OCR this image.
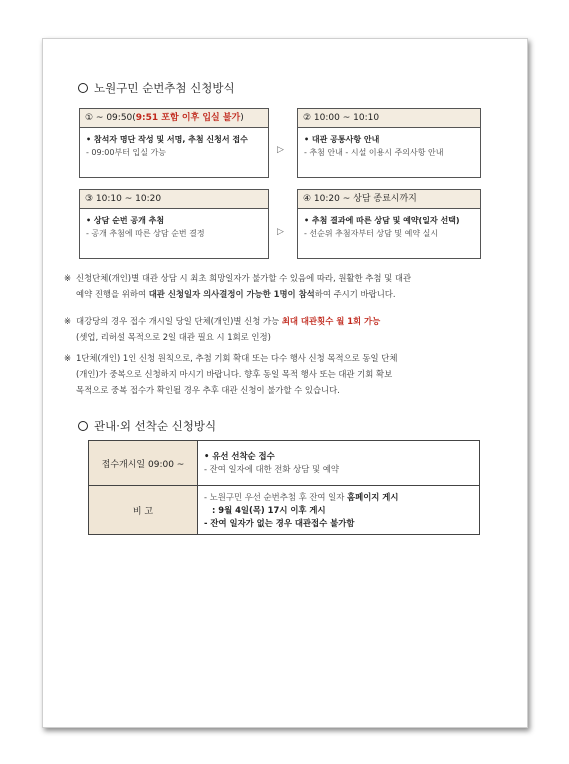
노원구민 순번추첨 신청방식
① ~ 09:50(9:51 포함 이후 입실 불가)
• 참석자 명단 작성 및 서명, 추첨 신청서 접수
- 09:00부터 입실 가능	▷
② 10:00 ~ 10:10
• 대관 공통사항 안내
- 추첨 안내 - 시설 이용시 주의사항 안내
③ 10:10 ~ 10:20
• 상담 순번 공개 추첨
- 공개 추첨에 따른 상담 순번 결정	▷
④ 10:20 ~ 상담 종료시까지
• 추첨 결과에 따른 상담 및 예약(일자 선택)
- 선순위 추첨자부터 상담 및 예약 실시
※ 신청단체(개인)별 대관 상담 시 최초 희망일자가 불가할 수 있음에 따라, 원활한 추첨 및 대관
예약 진행을 위하여 대관 신청일자 의사결정이 가능한 1명이 참석하여 주시기 바랍니다.
※ 대강당의 경우 접수 개시일 당일 단체(개인)별 신청 가능 최대 대관횟수 월 1회 가능
(셋업, 리허설 목적으로 2일 대관 필요 시 1회로 인정)
※ 1단체(개인) 1인 신청 원칙으로, 추첨 기회 확대 또는 다수 행사 신청 목적으로 동일 단체
(개인)가 중복으로 신청하지 마시기 바랍니다. 향후 동일 목적 행사 또는 대관 기회 확보
목적으로 중복 접수가 확인될 경우 추후 대관 신청이 불가할 수 있습니다.
관내·외 선착순 신청방식
접수개시일 09:00 ~	• 유선 선착순 접수
- 잔여 일자에 대한 전화 상담 및 예약

비 고	- 노원구민 우선 순번추첨 후 잔여 일자 홈페이지 게시
: 9월 4일(목) 17시 이후 게시
- 잔여 일자가 없는 경우 대관접수 불가함
